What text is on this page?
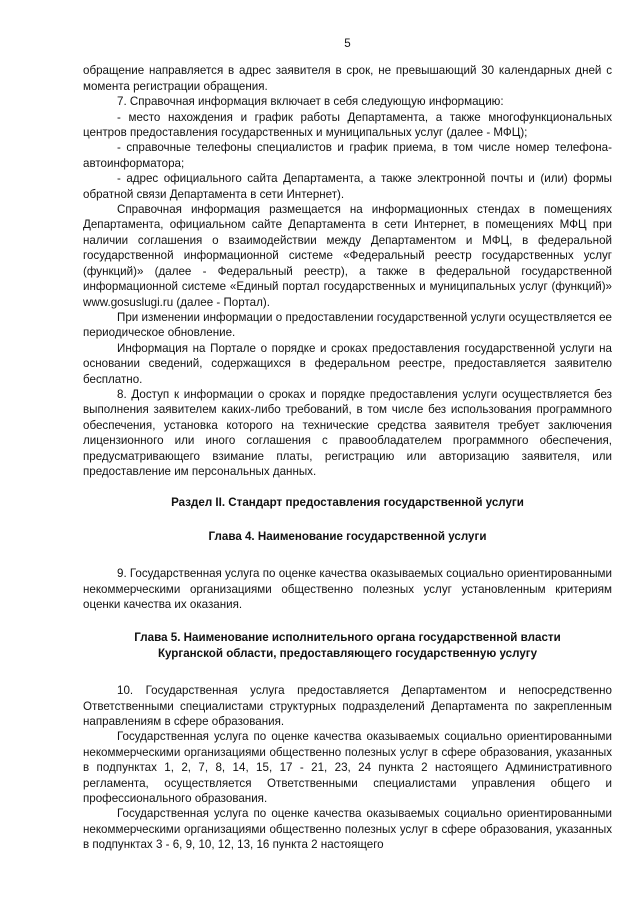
5

обращение направляется в адрес заявителя в срок, не превышающий 30 календарных дней с момента регистрации обращения.

7. Справочная информация включает в себя следующую информацию:

- место нахождения и график работы Департамента, а также многофункциональных центров предоставления государственных и муниципальных услуг (далее - МФЦ);

- справочные телефоны специалистов и график приема, в том числе номер телефона-автоинформатора;

- адрес официального сайта Департамента, а также электронной почты и (или) формы обратной связи Департамента в сети Интернет).

Справочная информация размещается на информационных стендах в помещениях Департамента, официальном сайте Департамента в сети Интернет, в помещениях МФЦ при наличии соглашения о взаимодействии между Департаментом и МФЦ, в федеральной государственной информационной системе «Федеральный реестр государственных услуг (функций)» (далее - Федеральный реестр), а также в федеральной государственной информационной системе «Единый портал государственных и муниципальных услуг (функций)» www.gosuslugi.ru (далее - Портал).

При изменении информации о предоставлении государственной услуги осуществляется ее периодическое обновление.

Информация на Портале о порядке и сроках предоставления государственной услуги на основании сведений, содержащихся в федеральном реестре, предоставляется заявителю бесплатно.

8. Доступ к информации о сроках и порядке предоставления услуги осуществляется без выполнения заявителем каких-либо требований, в том числе без использования программного обеспечения, установка которого на технические средства заявителя требует заключения лицензионного или иного соглашения с правообладателем программного обеспечения, предусматривающего взимание платы, регистрацию или авторизацию заявителя, или предоставление им персональных данных.

Раздел II. Стандарт предоставления государственной услуги

Глава 4. Наименование государственной услуги

9. Государственная услуга по оценке качества оказываемых социально ориентированными некоммерческими организациями общественно полезных услуг установленным критериям оценки качества их оказания.

Глава 5. Наименование исполнительного органа государственной власти

Курганской области, предоставляющего государственную услугу

10. Государственная услуга предоставляется Департаментом и непосредственно Ответственными специалистами структурных подразделений Департамента по закрепленным направлениям в сфере образования.

Государственная услуга по оценке качества оказываемых социально ориентированными некоммерческими организациями общественно полезных услуг в сфере образования, указанных в подпунктах 1, 2, 7, 8, 14, 15, 17 - 21, 23, 24 пункта 2 настоящего Административного регламента, осуществляется Ответственными специалистами управления общего и профессионального образования.

Государственная услуга по оценке качества оказываемых социально ориентированными некоммерческими организациями общественно полезных услуг в сфере образования, указанных в подпунктах 3 - 6, 9, 10, 12, 13, 16 пункта 2 настоящего
